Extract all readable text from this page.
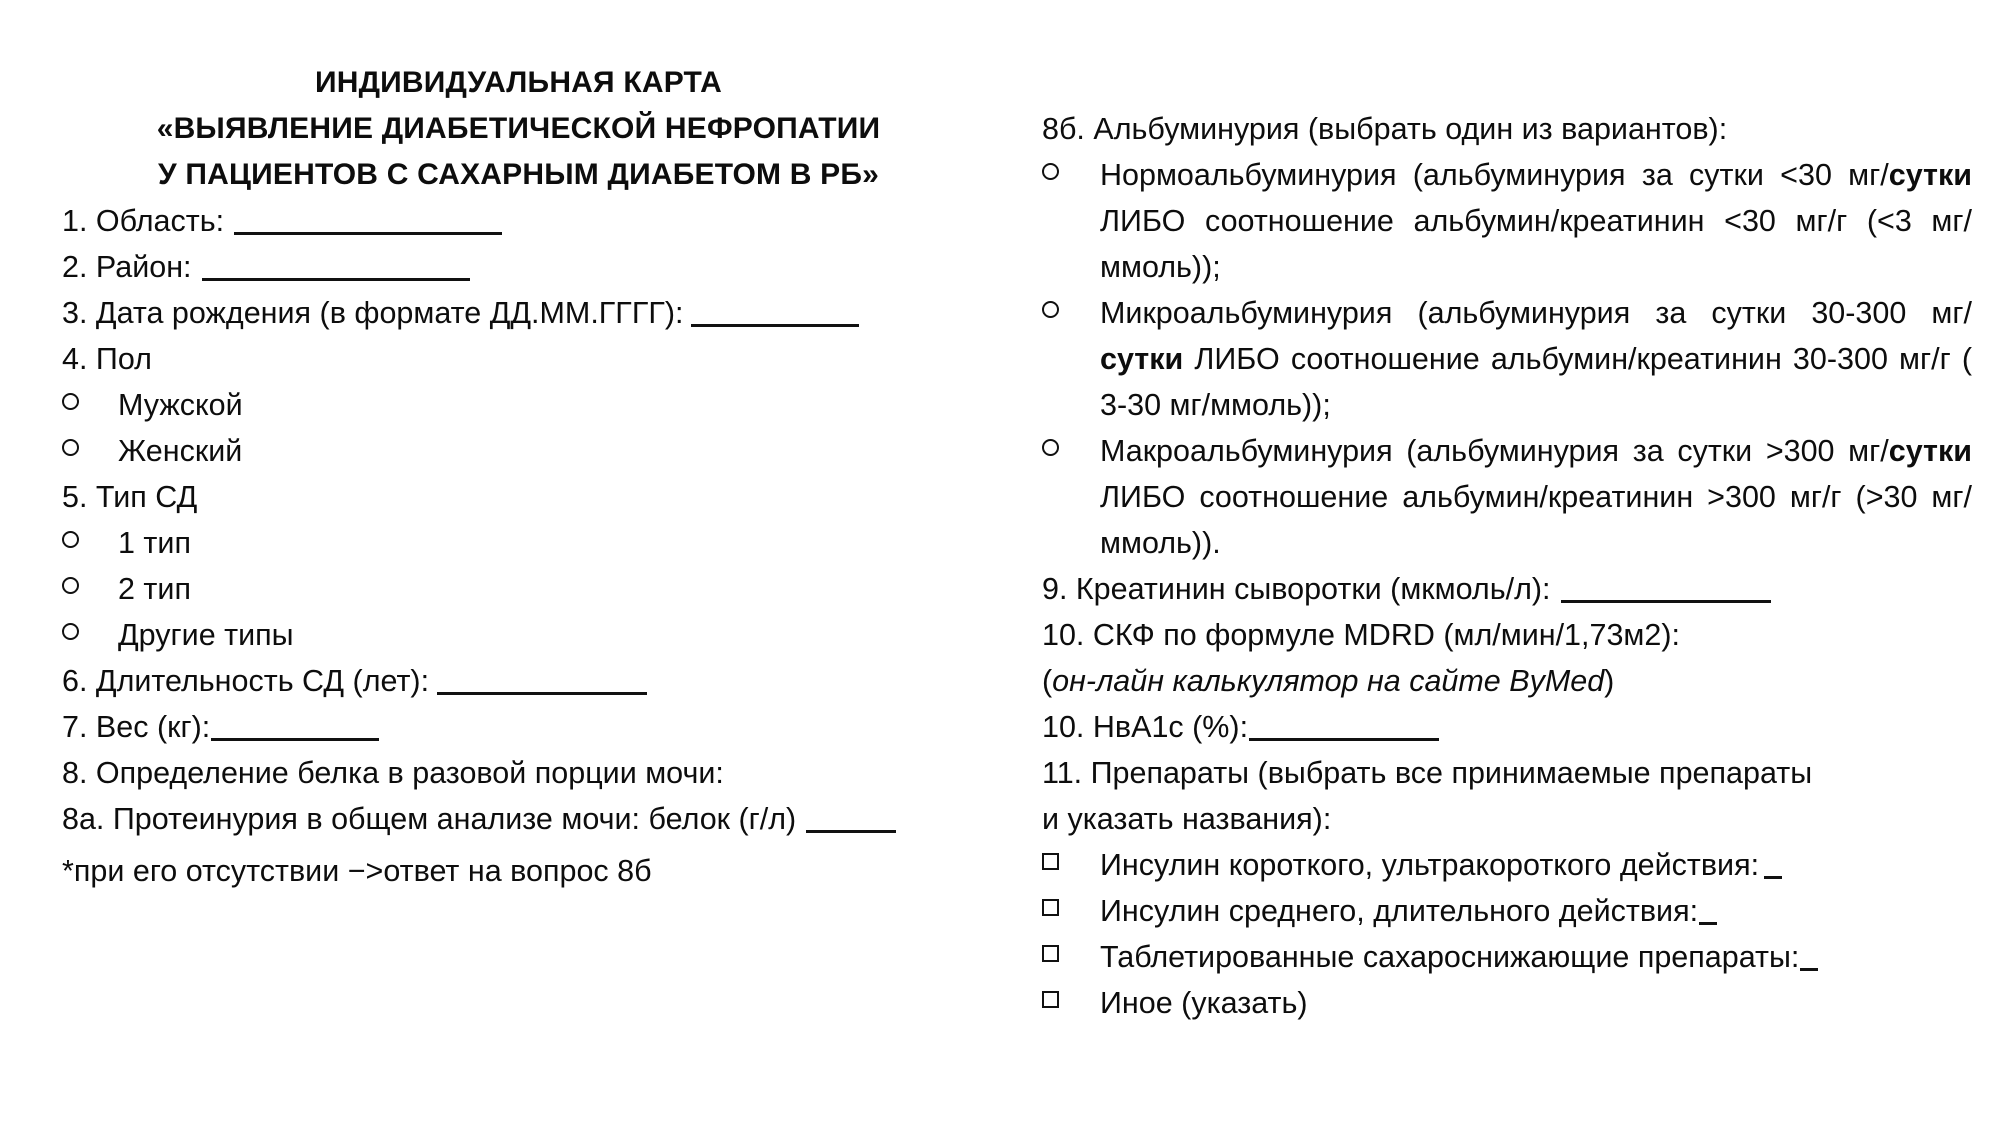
ИНДИВИДУАЛЬНАЯ КАРТА
«ВЫЯВЛЕНИЕ ДИАБЕТИЧЕСКОЙ НЕФРОПАТИИ
У ПАЦИЕНТОВ С САХАРНЫМ ДИАБЕТОМ В РБ»
1. Область:
2. Район:
3. Дата рождения (в формате ДД.ММ.ГГГГ):
4. Пол
Мужской
Женский
5. Тип СД
1 тип
2 тип
Другие типы
6. Длительность СД (лет):
7. Вес (кг):
8. Определение белка в разовой порции мочи:
8а. Протеинурия в общем анализе мочи: белок (г/л)
*при его отсутствии −>ответ на вопрос 8б
8б. Альбуминурия (выбрать один из вариантов):
Нормоальбуминурия (альбуминурия за сутки <30 мг/сутки ЛИБО соотношение альбумин/креатинин <30 мг/г (<3 мг/ммоль));
Микроальбуминурия (альбуминурия за сутки 30-300 мг/сутки ЛИБО соотношение альбумин/креатинин 30-300 мг/г ( 3-30 мг/ммоль));
Макроальбуминурия (альбуминурия за сутки >300 мг/сутки ЛИБО соотношение альбумин/креатинин >300 мг/г (>30 мг/ммоль)).
9. Креатинин сыворотки (мкмоль/л):
10. СКФ по формуле MDRD (мл/мин/1,73м2):
(он-лайн калькулятор на сайте ByMed)
10. НвА1с (%):
11. Препараты (выбрать все принимаемые препараты
и указать названия):
Инсулин короткого, ультракороткого действия:
Инсулин среднего, длительного действия:
Таблетированные сахароснижающие препараты:
Иное (указать)
